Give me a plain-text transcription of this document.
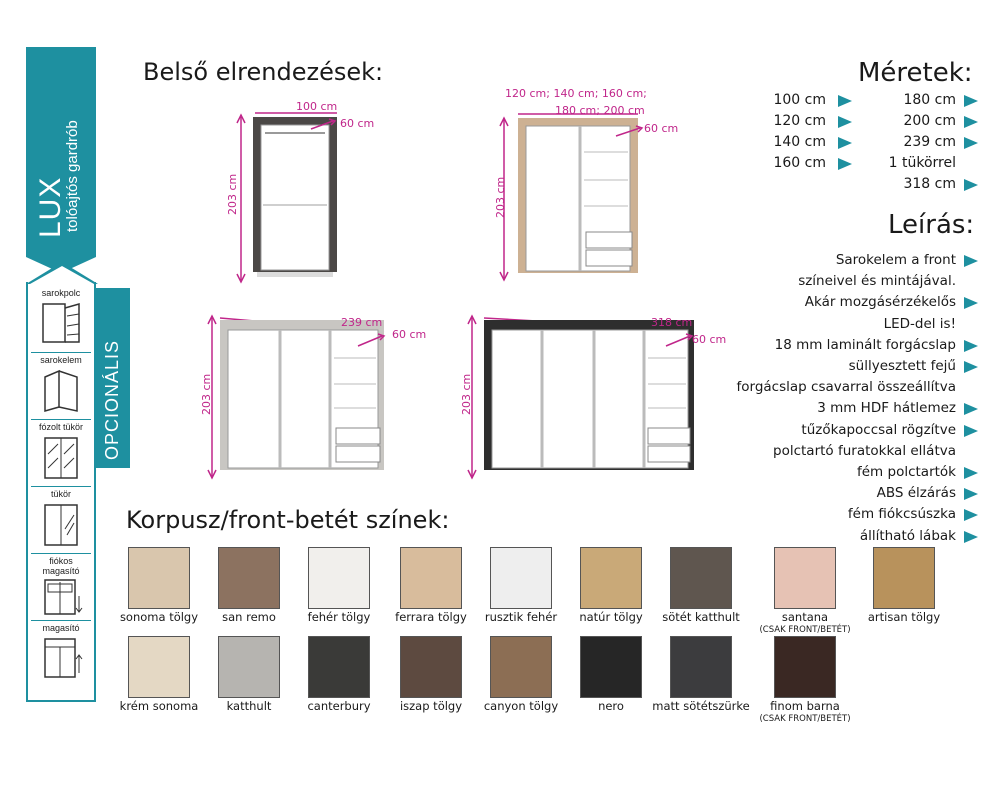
LUX
tolóajtós gardrób
OPCIONÁLIS
sarokpolc
sarokelem
fózolt tükör
tükör
fiókos magasító
magasító
Belső elrendezések:	Méretek:
Leírás:
Korpusz/front-betét színek:
100 cm
60 cm
203 cm
120 cm; 140 cm; 160 cm;
180 cm; 200 cm
60 cm
203 cm
239 cm
60 cm
203 cm
318 cm
60 cm
203 cm
100 cm
120 cm
140 cm
160 cm
180 cm
200 cm
239 cm
1 tükörrel
318 cm
Sarokelem a front
színeivel és mintájával.
Akár mozgásérzékelős
LED-del is!
18 mm laminált forgácslap
süllyesztett fejű
forgácslap csavarral összeállítva
3 mm HDF hátlemez
tűzőkapoccsal rögzítve
polctartó furatokkal ellátva
fém polctartók
ABS élzárás
fém fiókcsúszka
állítható lábak
sonoma tölgy	san remo	fehér tölgy	ferrara tölgy	rusztik fehér	natúr tölgy	sötét katthult	santana
(CSAK FRONT/BETÉT)
artisan tölgy
krém sonoma	katthult	canterbury	iszap tölgy	canyon tölgy	nero	matt sötétszürke	finom barna
(CSAK FRONT/BETÉT)
